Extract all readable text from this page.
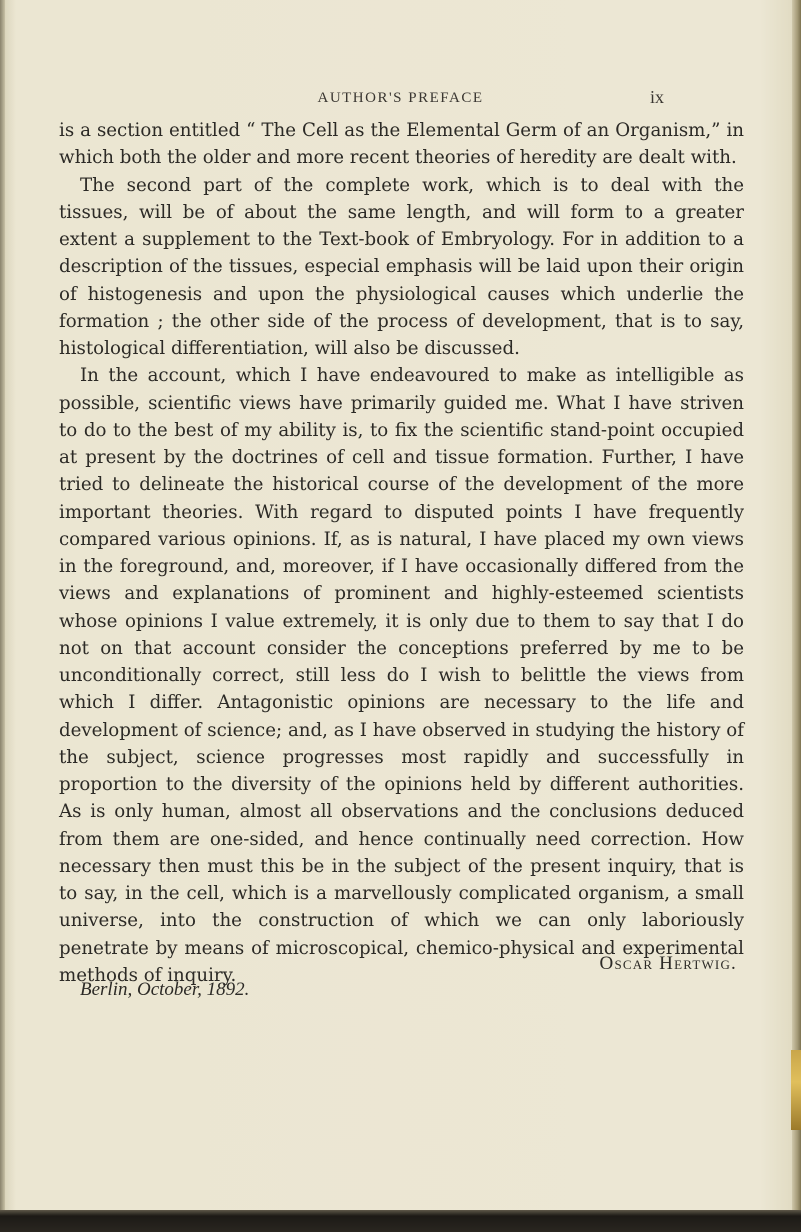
AUTHOR'S PREFACE	ix

is a section entitled “ The Cell as the Elemental Germ of an Organism,” in which both the older and more recent theories of heredity are dealt with.

The second part of the complete work, which is to deal with the tissues, will be of about the same length, and will form to a greater extent a supplement to the Text-book of Embryology. For in addition to a description of the tissues, especial emphasis will be laid upon their origin of histogenesis and upon the physiological causes which underlie the formation ; the other side of the process of development, that is to say, histological differentiation, will also be discussed.

In the account, which I have endeavoured to make as intelligible as possible, scientific views have primarily guided me. What I have striven to do to the best of my ability is, to fix the scientific stand-point occupied at present by the doctrines of cell and tissue formation. Further, I have tried to delineate the historical course of the development of the more important theories. With regard to disputed points I have frequently compared various opinions. If, as is natural, I have placed my own views in the foreground, and, moreover, if I have occasionally differed from the views and explanations of prominent and highly-esteemed scientists whose opinions I value extremely, it is only due to them to say that I do not on that account consider the conceptions preferred by me to be unconditionally correct, still less do I wish to belittle the views from which I differ. Antagonistic opinions are necessary to the life and development of science; and, as I have observed in studying the history of the subject, science progresses most rapidly and successfully in proportion to the diversity of the opinions held by different authorities. As is only human, almost all observations and the conclusions deduced from them are one-sided, and hence continually need correction. How necessary then must this be in the subject of the present inquiry, that is to say, in the cell, which is a marvellously complicated organism, a small universe, into the construction of which we can only laboriously penetrate by means of microscopical, chemico-physical and experimental methods of inquiry.

Oscar Hertwig.
Berlin, October, 1892.
